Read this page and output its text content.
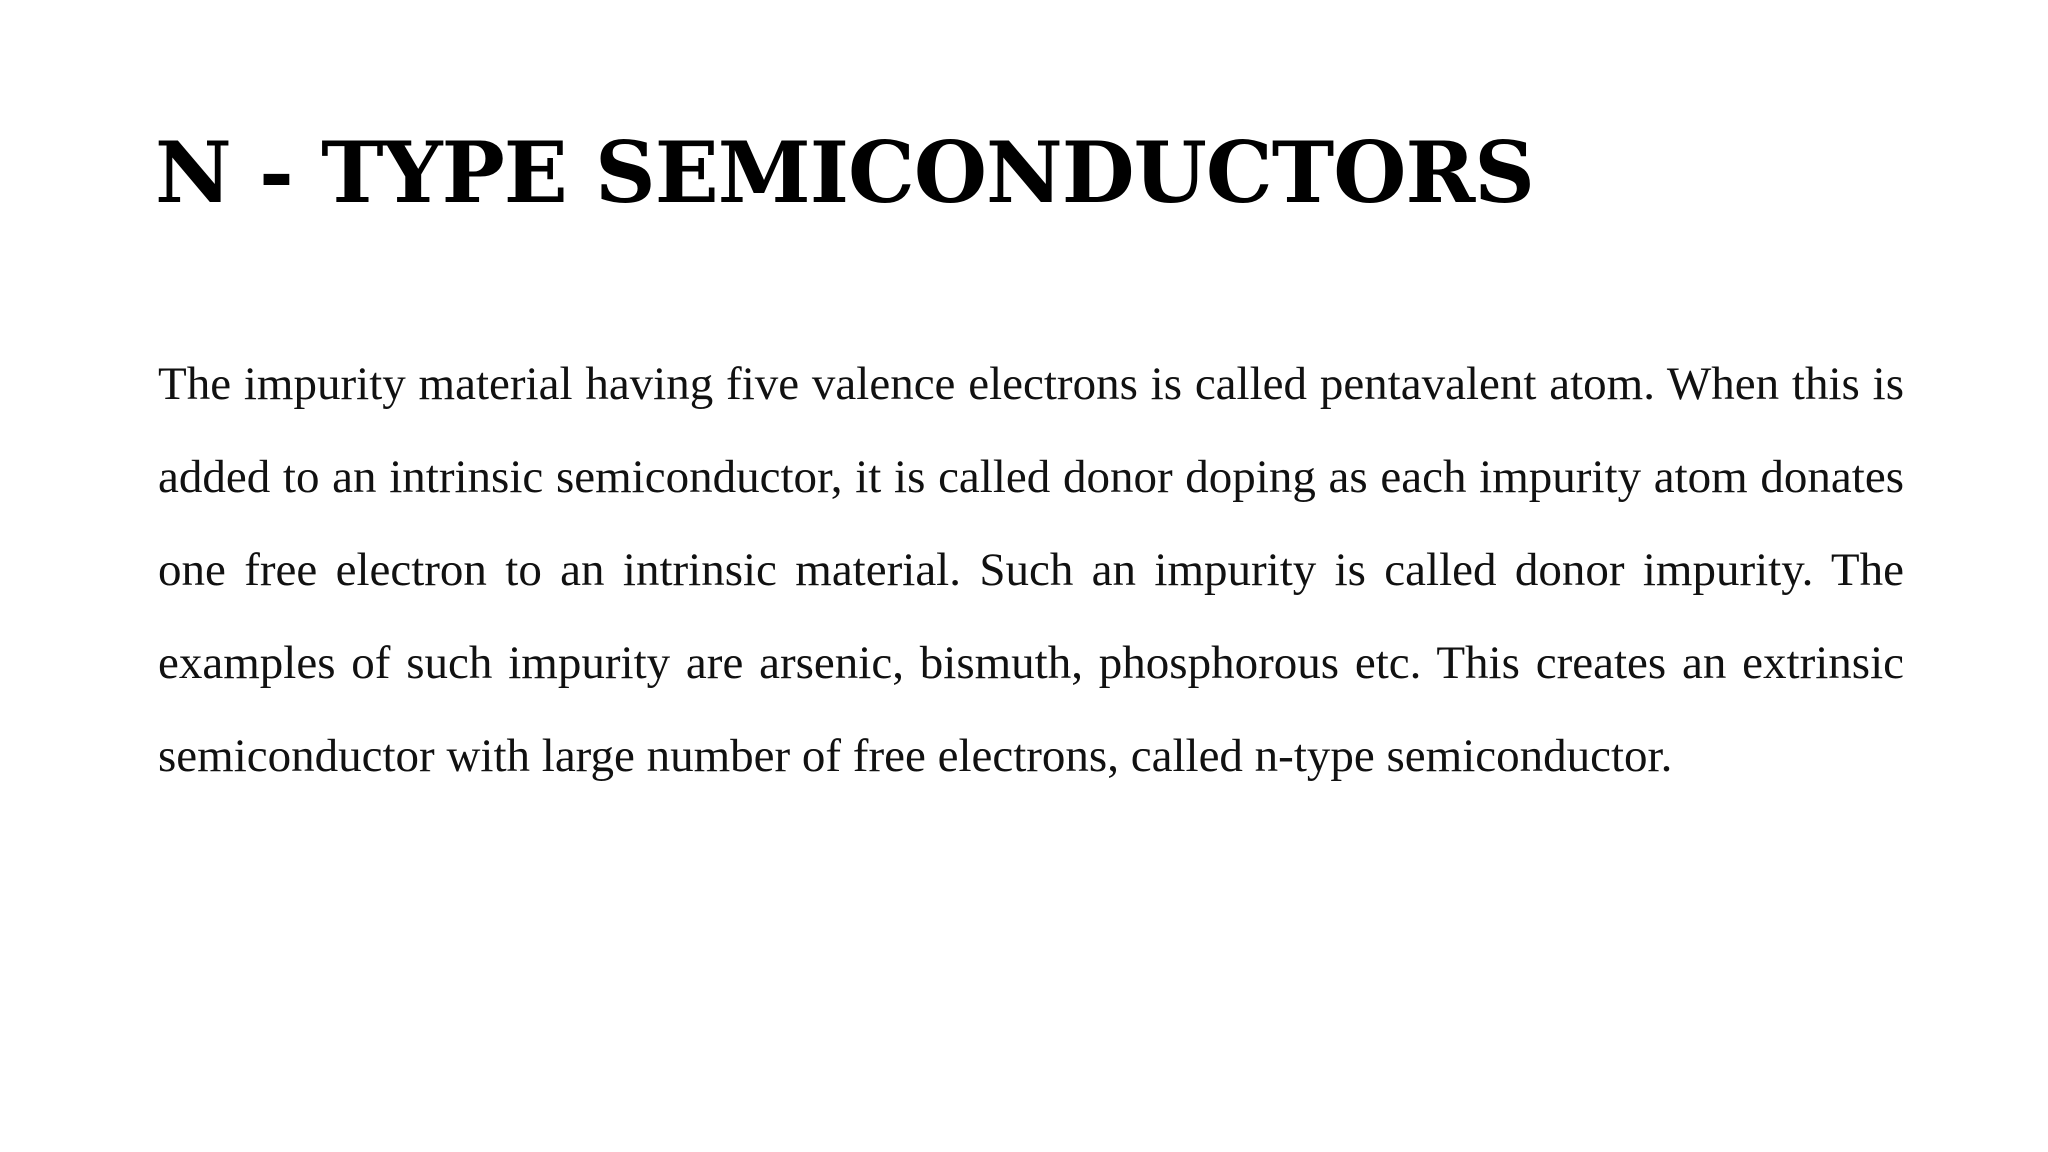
N - TYPE SEMICONDUCTORS

The impurity material having five valence electrons is called pentavalent atom. When this is added to an intrinsic semiconductor, it is called donor doping as each impurity atom donates one free electron to an intrinsic material. Such an impurity is called donor impurity. The examples of such impurity are arsenic, bismuth, phosphorous etc. This creates an extrinsic semiconductor with large number of free electrons, called n-type semiconductor.
